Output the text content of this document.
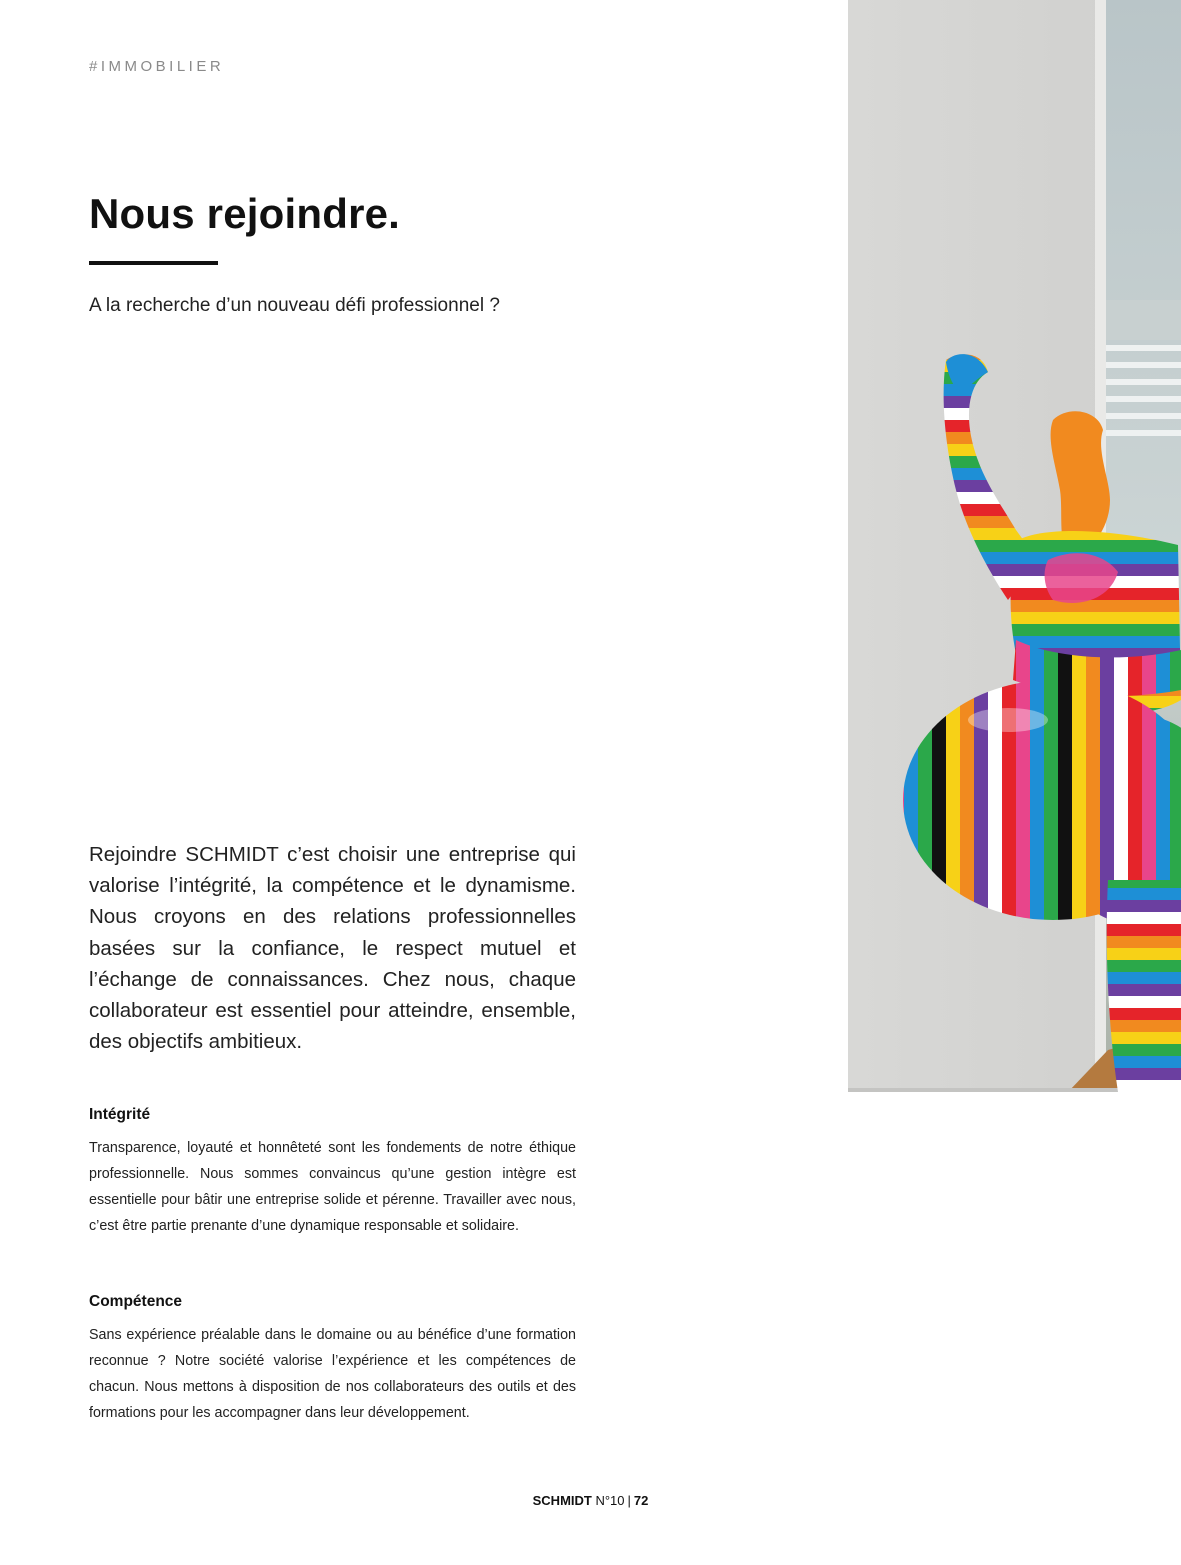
#IMMOBILIER
Nous rejoindre.
A la recherche d’un nouveau défi professionnel ?

Rejoindre SCHMIDT c’est choisir une entreprise qui valorise l’intégrité, la compétence et le dynamisme. Nous croyons en des relations professionnelles basées sur la confiance, le respect mutuel et l’échange de connaissances. Chez nous, chaque collaborateur est essentiel pour atteindre, ensemble, des objectifs ambitieux.

Intégrité

Transparence, loyauté et honnêteté sont les fondements de notre éthique professionnelle. Nous sommes convaincus qu’une gestion intègre est essentielle pour bâtir une entreprise solide et pérenne. Travailler avec nous, c’est être partie prenante d’une dynamique responsable et solidaire.

Compétence

Sans expérience préalable dans le domaine ou au bénéfice d’une formation reconnue ? Notre société valorise l’expérience et les compétences de chacun. Nous mettons à disposition de nos collaborateurs des outils et des formations pour les accompagner dans leur développement.

SCHMIDT N°10 | 72
